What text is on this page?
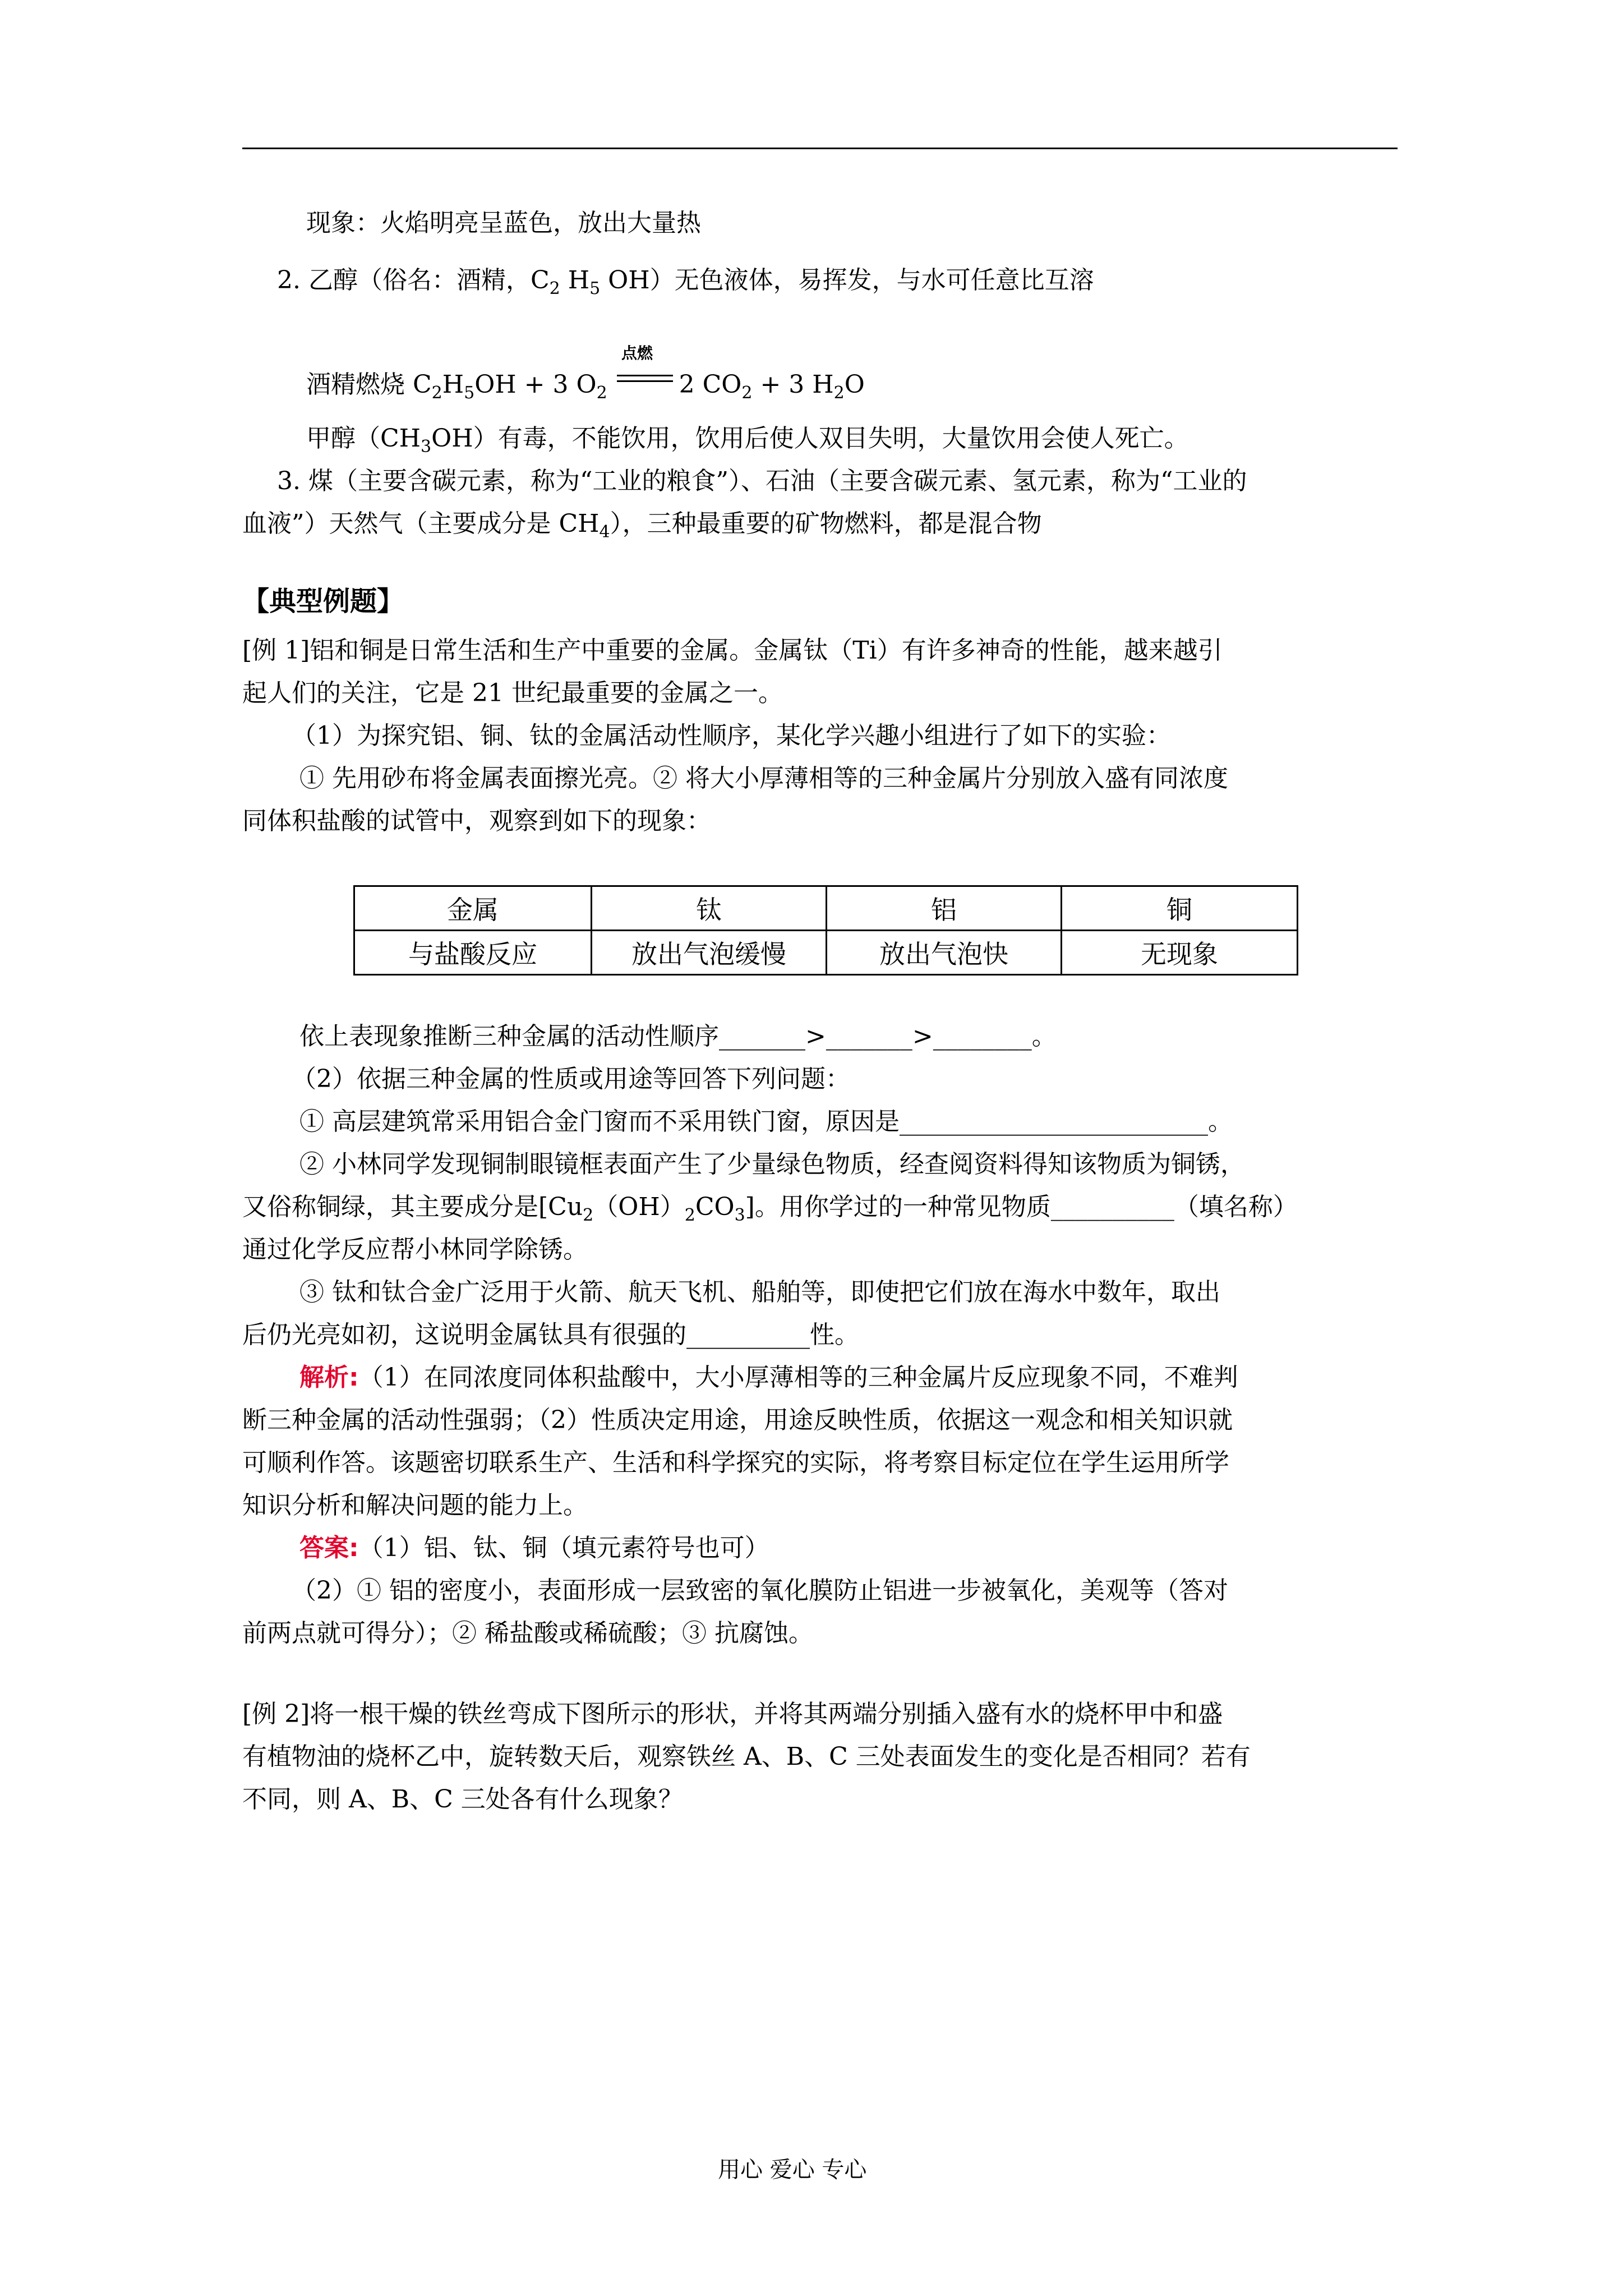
现象：火焰明亮呈蓝色，放出大量热
2. 乙醇（俗名：酒精，$C_2$ $H_5$ OH）无色液体，易挥发，与水可任意比互溶
酒精燃烧 $C_2H_5OH + 3$ $O_2$	2 $CO_2 + 3$ $H_2O$
点燃
甲醇$(CH_3OH)$有毒，不能饮用，饮用后使人双目失明，大量饮用会使人死亡。
3. 煤（主要含碳元素，称为“工业的粮食”）、石油（主要含碳元素、氢元素，称为“工业的
血液”）天然气（主要成分是 $CH_4$），三种最重要的矿物燃料，都是混合物
【典型例题】
[例 1]铝和铜是日常生活和生产中重要的金属。金属钛（Ti）有许多神奇的性能，越来越引
起人们的关注，它是 21 世纪最重要的金属之一。
（1）为探究铝、铜、钛的金属活动性顺序，某化学兴趣小组进行了如下的实验：
① 先用砂布将金属表面擦光亮。② 将大小厚薄相等的三种金属片分别放入盛有同浓度
同体积盐酸的试管中，观察到如下的现象：
金属	钛	铝	铜
与盐酸反应	放出气泡缓慢	放出气泡快	无现象
依上表现象推断三种金属的活动性顺序_______>_______>________。
（2）依据三种金属的性质或用途等回答下列问题：
① 高层建筑常采用铝合金门窗而不采用铁门窗，原因是_________________________。
② 小林同学发现铜制眼镜框表面产生了少量绿色物质，经查阅资料得知该物质为铜锈，
又俗称铜绿，其主要成分是$[Cu_2(OH)_2CO_3]$。用你学过的一种常见物质__________（填名称）
通过化学反应帮小林同学除锈。
③ 钛和钛合金广泛用于火箭、航天飞机、船舶等，即使把它们放在海水中数年，取出
后仍光亮如初，这说明金属钛具有很强的__________性。
解析:（1）在同浓度同体积盐酸中，大小厚薄相等的三种金属片反应现象不同，不难判
断三种金属的活动性强弱；（2）性质决定用途，用途反映性质，依据这一观念和相关知识就
可顺利作答。该题密切联系生产、生活和科学探究的实际，将考察目标定位在学生运用所学
知识分析和解决问题的能力上。
答案:（1）铝、钛、铜（填元素符号也可）
（2）① 铝的密度小，表面形成一层致密的氧化膜防止铝进一步被氧化，美观等（答对
前两点就可得分）；② 稀盐酸或稀硫酸；③ 抗腐蚀。
[例 2]将一根干燥的铁丝弯成下图所示的形状，并将其两端分别插入盛有水的烧杯甲中和盛
有植物油的烧杯乙中，旋转数天后，观察铁丝 A、B、C 三处表面发生的变化是否相同？若有
不同，则 A、B、C 三处各有什么现象？
用心 爱心 专心
